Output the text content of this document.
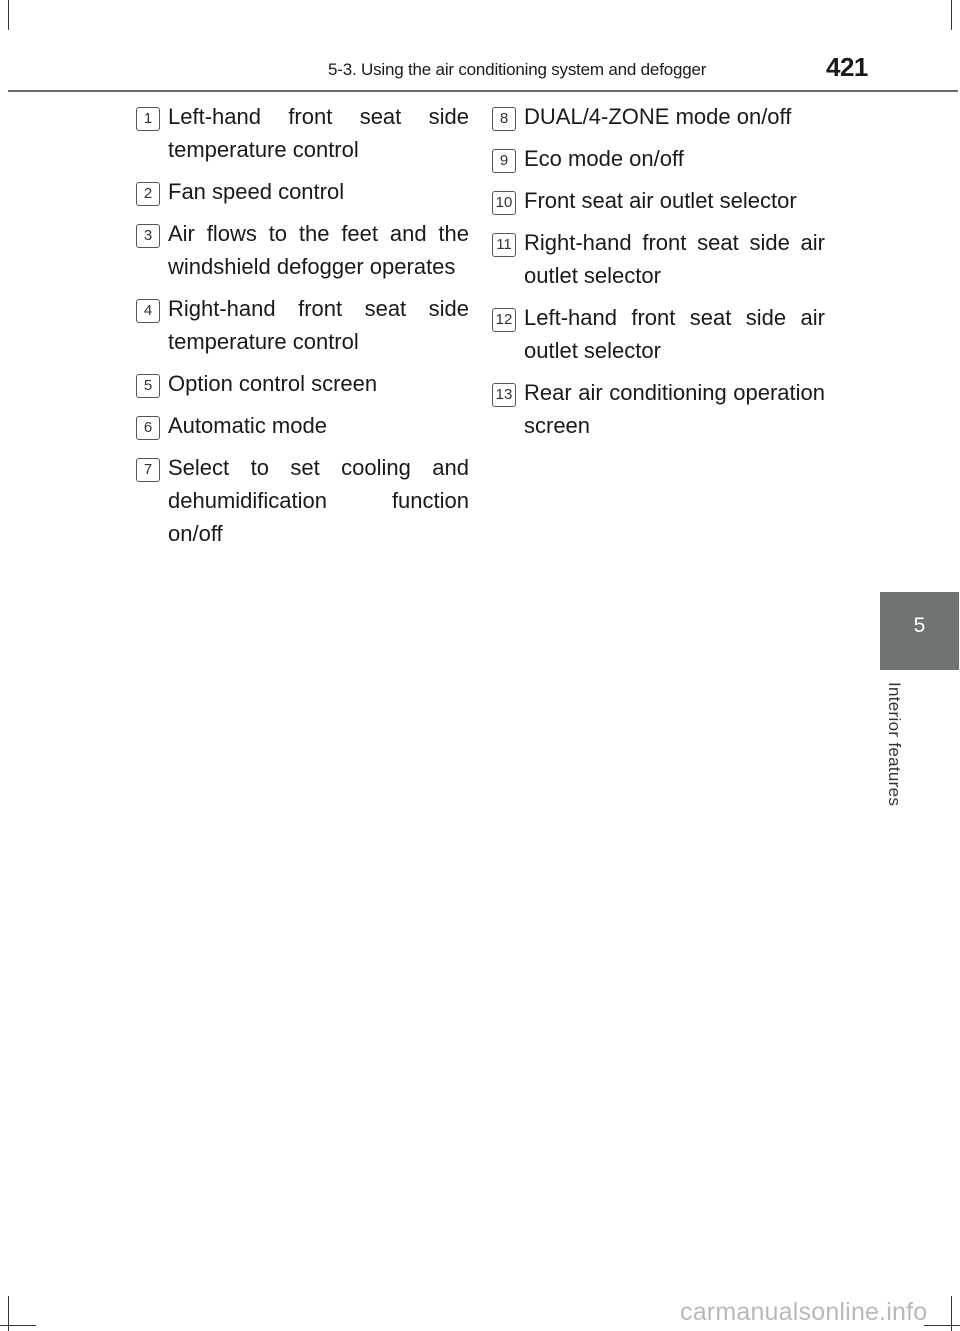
5-3. Using the air conditioning system and defogger	421
1 Left-hand front seat side temperature control
2 Fan speed control
3 Air flows to the feet and the windshield defogger operates
4 Right-hand front seat side temperature control
5 Option control screen
6 Automatic mode
7 Select to set cooling and dehumidification function on/off
8 DUAL/4-ZONE mode on/off
9 Eco mode on/off
10 Front seat air outlet selector
11 Right-hand front seat side air outlet selector
12 Left-hand front seat side air outlet selector
13 Rear air conditioning operation screen
5
Interior features
carmanualsonline.info
